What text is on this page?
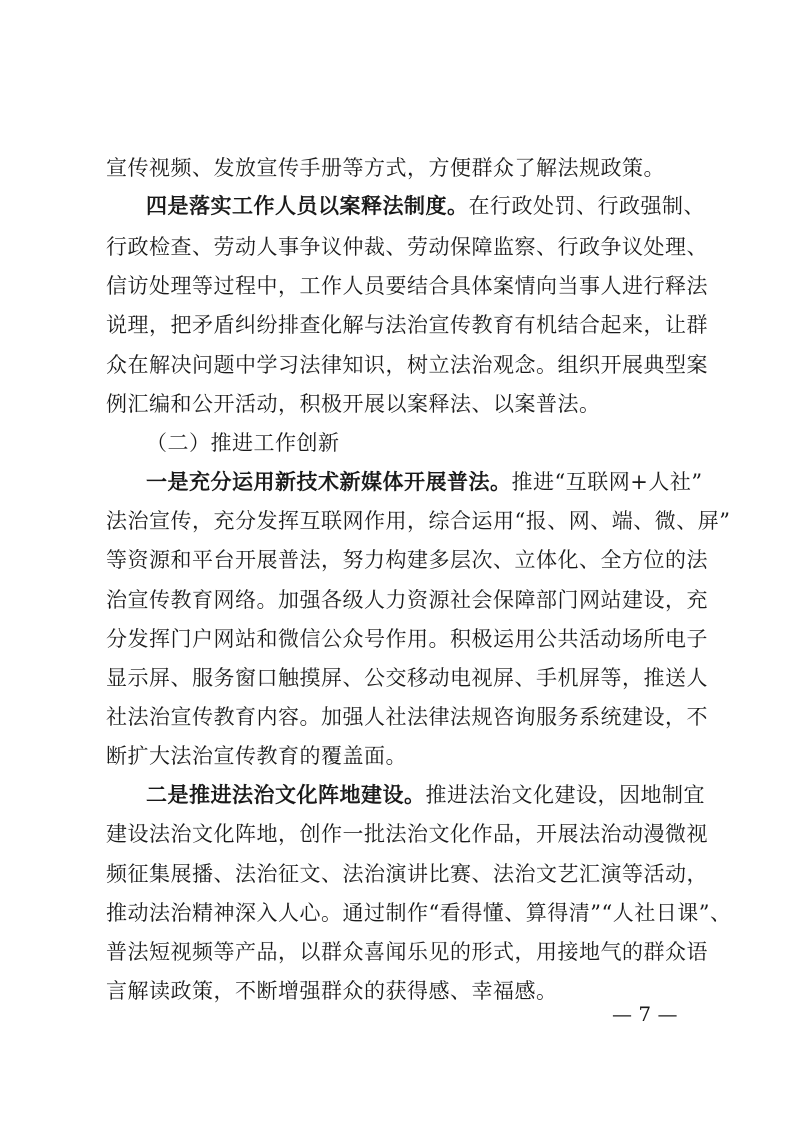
宣传视频、发放宣传手册等方式，方便群众了解法规政策。
四是落实工作人员以案释法制度。在行政处罚、行政强制、
行政检查、劳动人事争议仲裁、劳动保障监察、行政争议处理、
信访处理等过程中，工作人员要结合具体案情向当事人进行释法
说理，把矛盾纠纷排查化解与法治宣传教育有机结合起来，让群
众在解决问题中学习法律知识，树立法治观念。组织开展典型案
例汇编和公开活动，积极开展以案释法、以案普法。
（二）推进工作创新
一是充分运用新技术新媒体开展普法。推进“互联网+人社”
法治宣传，充分发挥互联网作用，综合运用“报、网、端、微、屏”
等资源和平台开展普法，努力构建多层次、立体化、全方位的法
治宣传教育网络。加强各级人力资源社会保障部门网站建设，充
分发挥门户网站和微信公众号作用。积极运用公共活动场所电子
显示屏、服务窗口触摸屏、公交移动电视屏、手机屏等，推送人
社法治宣传教育内容。加强人社法律法规咨询服务系统建设，不
断扩大法治宣传教育的覆盖面。
二是推进法治文化阵地建设。推进法治文化建设，因地制宜
建设法治文化阵地，创作一批法治文化作品，开展法治动漫微视
频征集展播、法治征文、法治演讲比赛、法治文艺汇演等活动，
推动法治精神深入人心。通过制作“看得懂、算得清”“人社日课”、
普法短视频等产品，以群众喜闻乐见的形式，用接地气的群众语
言解读政策，不断增强群众的获得感、幸福感。
— 7 —
